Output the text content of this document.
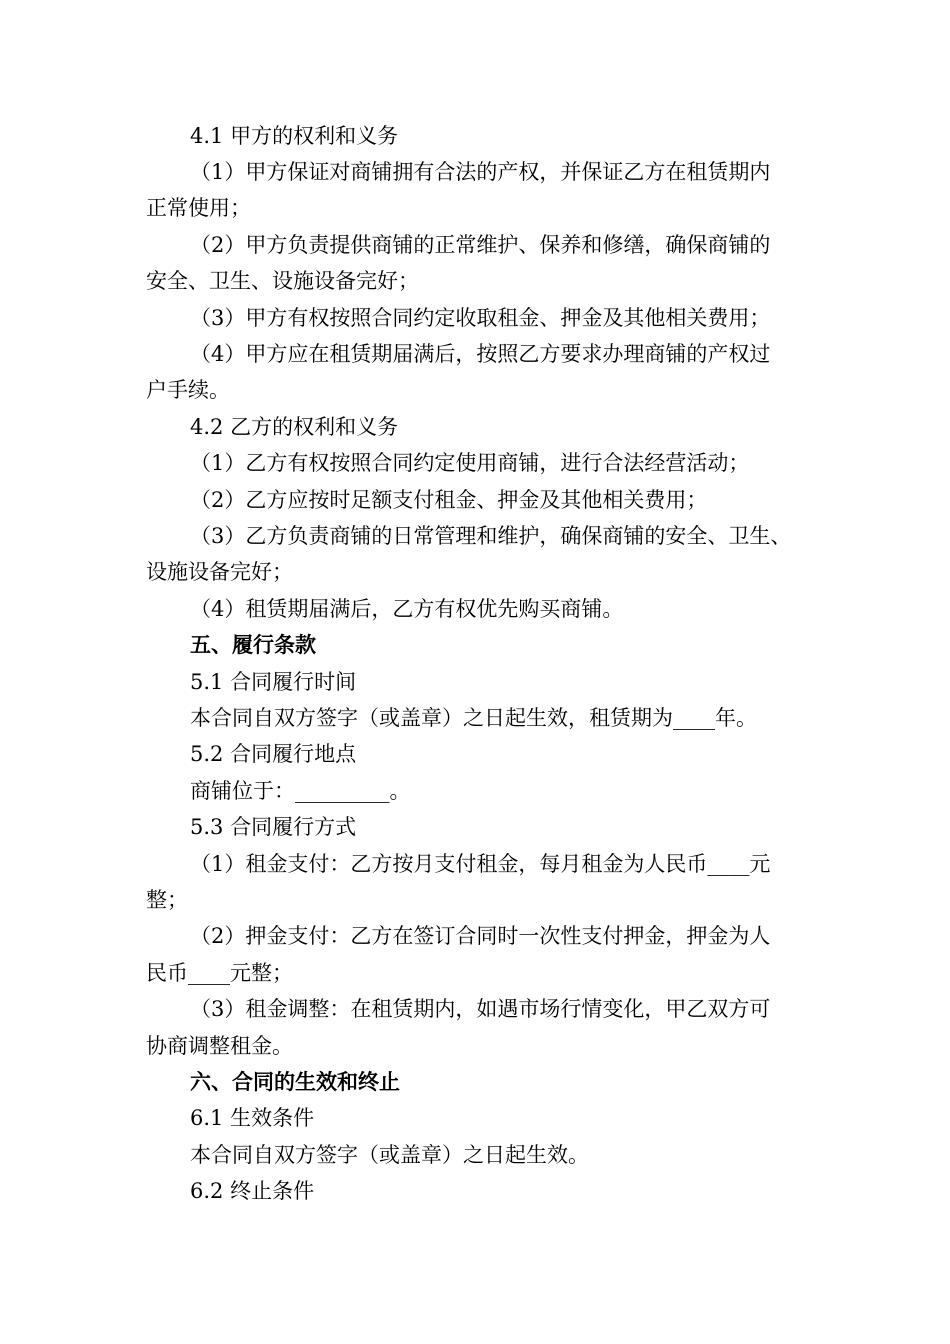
4.1 甲方的权利和义务

（1）甲方保证对商铺拥有合法的产权，并保证乙方在租赁期内

正常使用；

（2）甲方负责提供商铺的正常维护、保养和修缮，确保商铺的

安全、卫生、设施设备完好；

（3）甲方有权按照合同约定收取租金、押金及其他相关费用；

（4）甲方应在租赁期届满后，按照乙方要求办理商铺的产权过

户手续。

4.2 乙方的权利和义务

（1）乙方有权按照合同约定使用商铺，进行合法经营活动；

（2）乙方应按时足额支付租金、押金及其他相关费用；

（3）乙方负责商铺的日常管理和维护，确保商铺的安全、卫生、

设施设备完好；

（4）租赁期届满后，乙方有权优先购买商铺。

五、履行条款

5.1 合同履行时间

本合同自双方签字（或盖章）之日起生效，租赁期为____年。

5.2 合同履行地点

商铺位于：_________。

5.3 合同履行方式

（1）租金支付：乙方按月支付租金，每月租金为人民币____元

整；

（2）押金支付：乙方在签订合同时一次性支付押金，押金为人

民币____元整；

（3）租金调整：在租赁期内，如遇市场行情变化，甲乙双方可

协商调整租金。

六、合同的生效和终止

6.1 生效条件

本合同自双方签字（或盖章）之日起生效。

6.2 终止条件
